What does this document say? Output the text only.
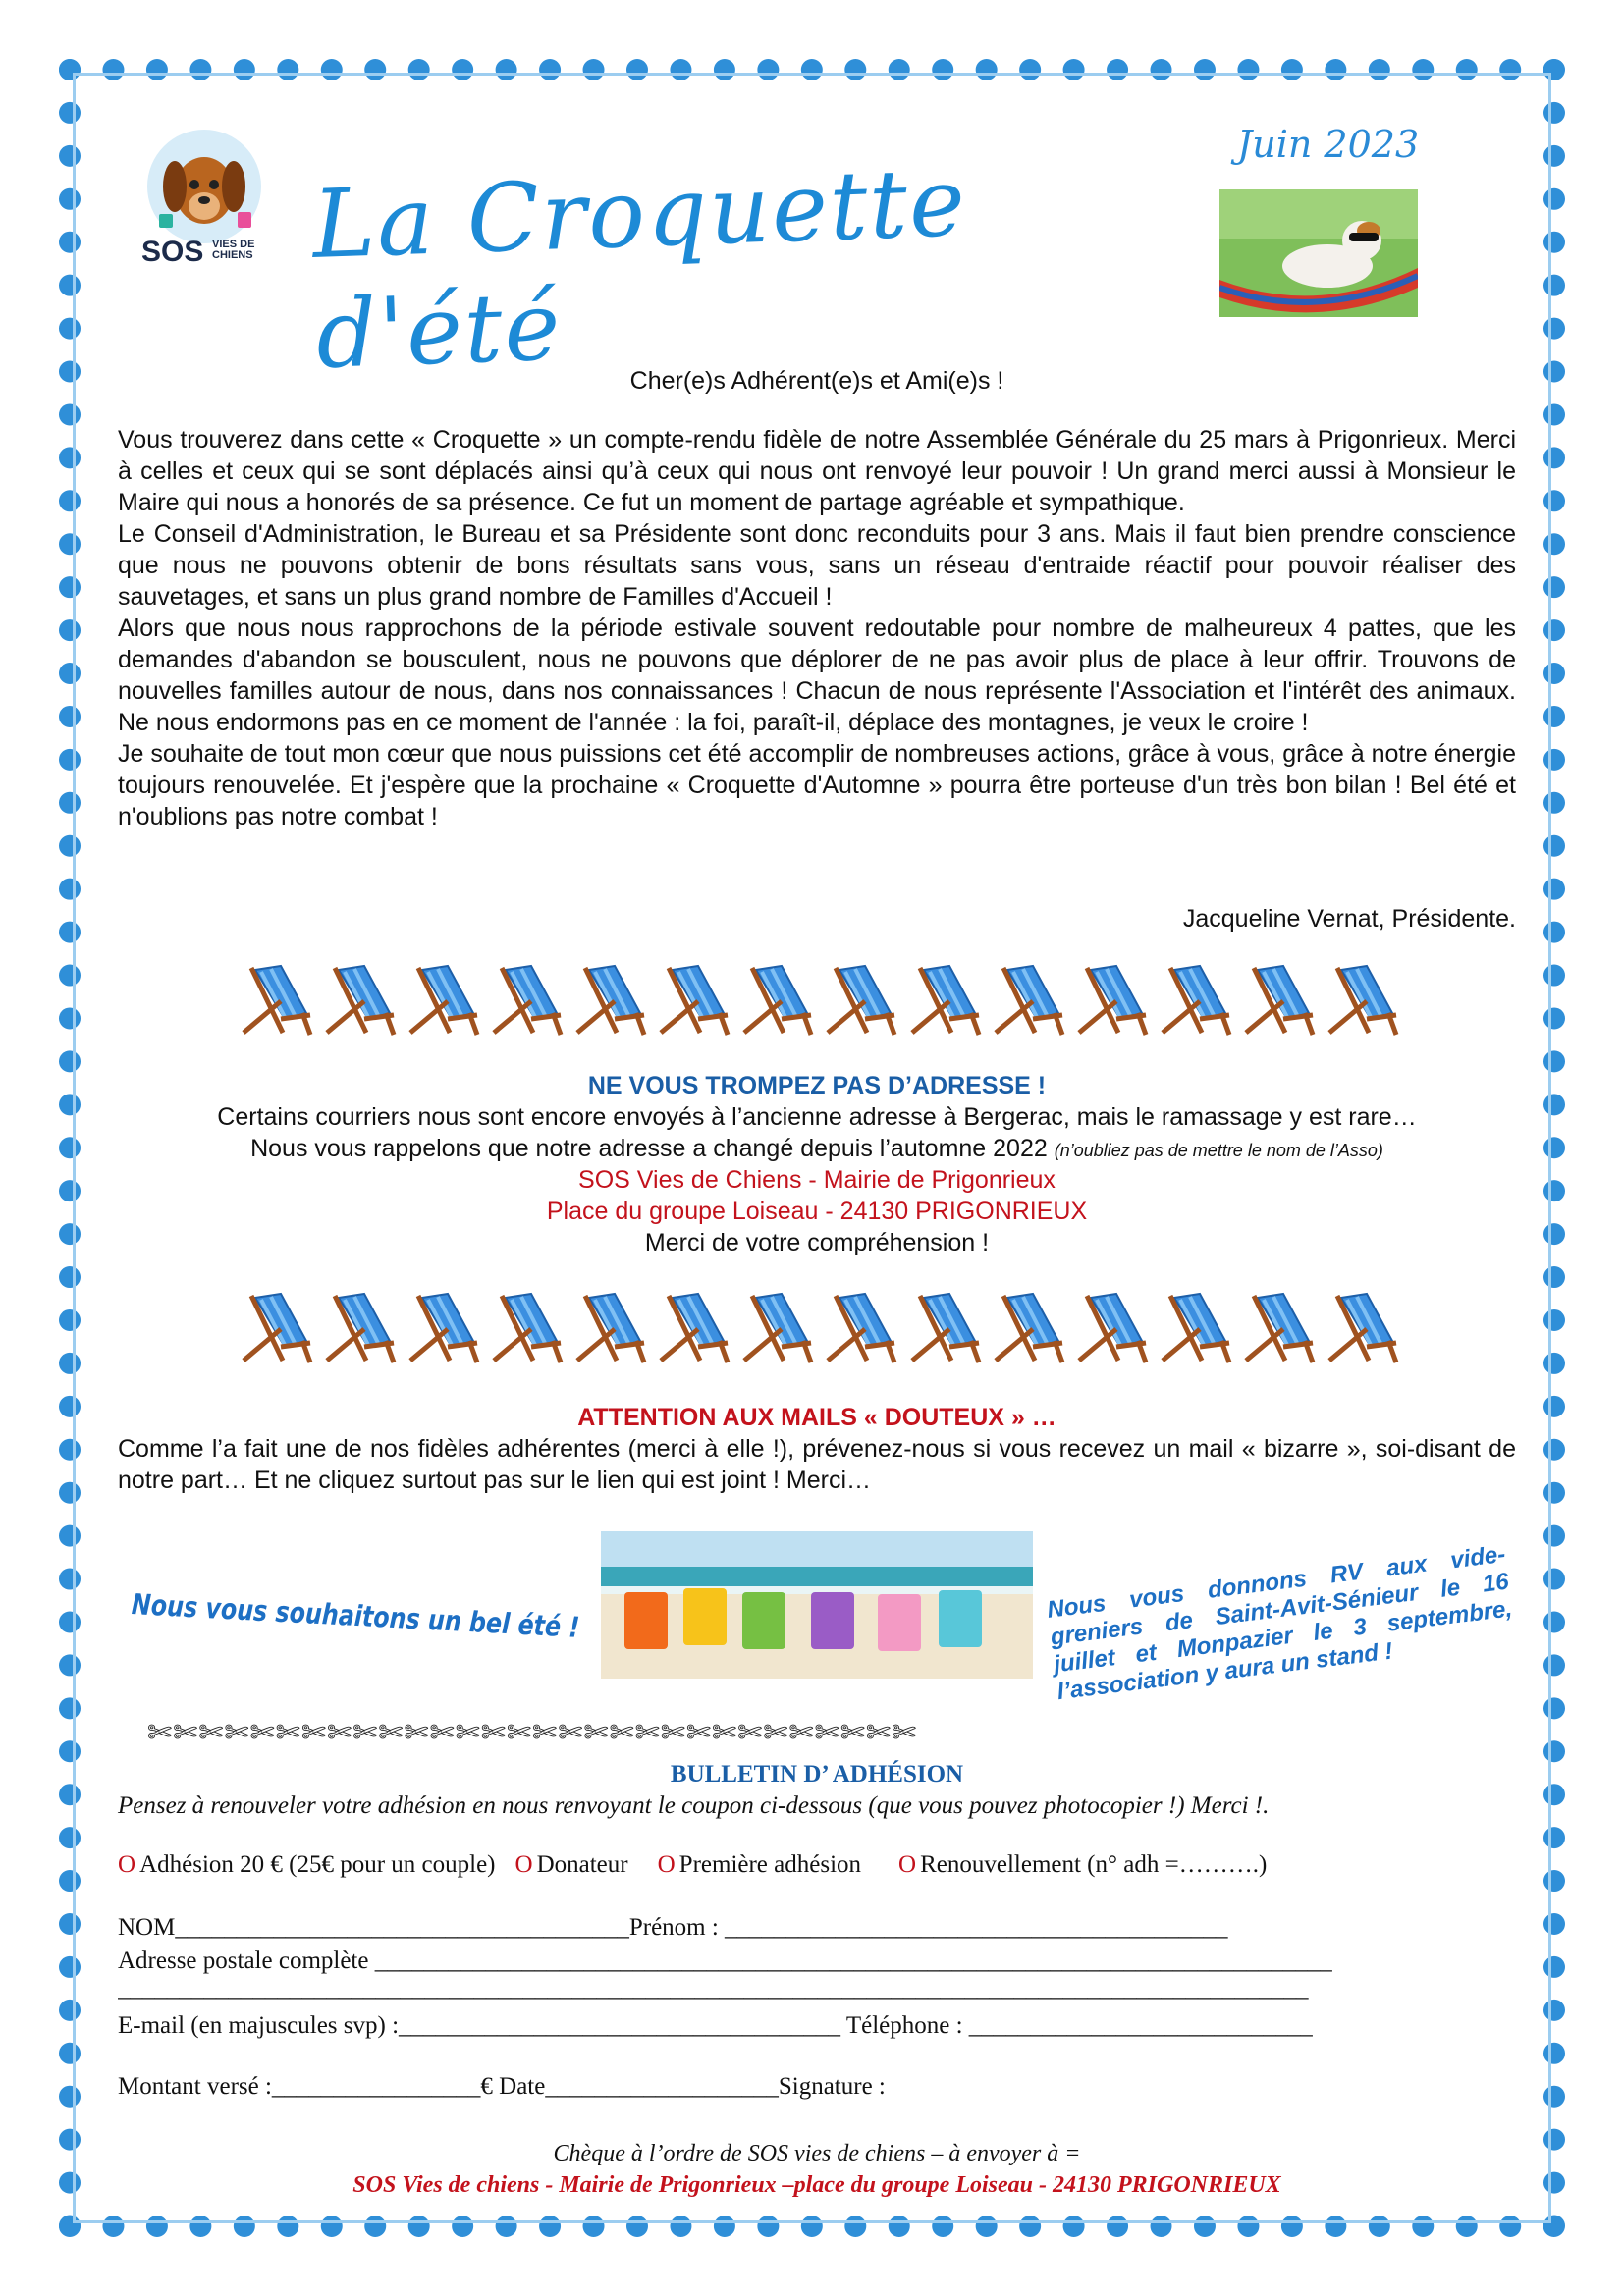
SOS VIES DE CHIENS La Croquette d'été
Juin 2023
Cher(e)s Adhérent(e)s et Ami(e)s !

Vous trouverez dans cette « Croquette » un compte-rendu fidèle de notre Assemblée Générale du 25 mars à Prigonrieux. Merci à celles et ceux qui se sont déplacés ainsi qu’à ceux qui nous ont renvoyé leur pouvoir ! Un grand merci aussi à Monsieur le Maire qui nous a honorés de sa présence. Ce fut un moment de partage agréable et sympathique.

Le Conseil d'Administration, le Bureau et sa Présidente sont donc reconduits pour 3 ans. Mais il faut bien prendre conscience que nous ne pouvons obtenir de bons résultats sans vous, sans un réseau d'entraide réactif pour pouvoir réaliser des sauvetages, et sans un plus grand nombre de Familles d'Accueil !

Alors que nous nous rapprochons de la période estivale souvent redoutable pour nombre de malheureux 4 pattes, que les demandes d'abandon se bousculent, nous ne pouvons que déplorer de ne pas avoir plus de place à leur offrir. Trouvons de nouvelles familles autour de nous, dans nos connaissances ! Chacun de nous représente l'Association et l'intérêt des animaux. Ne nous endormons pas en ce moment de l'année : la foi, paraît-il, déplace des montagnes, je veux le croire !

Je souhaite de tout mon cœur que nous puissions cet été accomplir de nombreuses actions, grâce à vous, grâce à notre énergie toujours renouvelée. Et j'espère que la prochaine « Croquette d'Automne » pourra être porteuse d'un très bon bilan ! Bel été et n'oublions pas notre combat !

Jacqueline Vernat, Présidente.
NE VOUS TROMPEZ PAS D’ADRESSE !
Certains courriers nous sont encore envoyés à l’ancienne adresse à Bergerac, mais le ramassage y est rare…
Nous vous rappelons que notre adresse a changé depuis l’automne 2022 (n’oubliez pas de mettre le nom de l’Asso)
SOS Vies de Chiens - Mairie de Prigonrieux
Place du groupe Loiseau - 24130 PRIGONRIEUX
Merci de votre compréhension !
ATTENTION AUX MAILS « DOUTEUX » …
Comme l’a fait une de nos fidèles adhérentes (merci à elle !), prévenez-nous si vous recevez un mail « bizarre », soi-disant de notre part… Et ne cliquez surtout pas sur le lien qui est joint ! Merci…
Nous vous souhaitons un bel été !	Nous vous donnons RV aux vide-greniers de Saint-Avit-Sénieur le 16 juillet et Monpazier le 3 septembre, l’association y aura un stand !
✄✄✄✄✄✄✄✄✄✄✄✄✄✄✄✄✄✄✄✄✄✄✄✄✄✄✄✄✄✄
BULLETIN D’ ADHÉSION
Pensez à renouveler votre adhésion en nous renvoyant le coupon ci-dessous (que vous pouvez photocopier !) Merci !.
O Adhésion 20 € (25€ pour un couple) O Donateur O Première adhésion O Renouvellement (n° adh =……….)
NOM_____________________________________Prénom : _________________________________________
Adresse postale complète ______________________________________________________________________________
_________________________________________________________________________________________________
E-mail (en majuscules svp) :____________________________________ Téléphone : ____________________________
Montant versé :_________________€ Date___________________Signature :
Chèque à l’ordre de SOS vies de chiens – à envoyer à =
SOS Vies de chiens - Mairie de Prigonrieux –place du groupe Loiseau - 24130 PRIGONRIEUX
